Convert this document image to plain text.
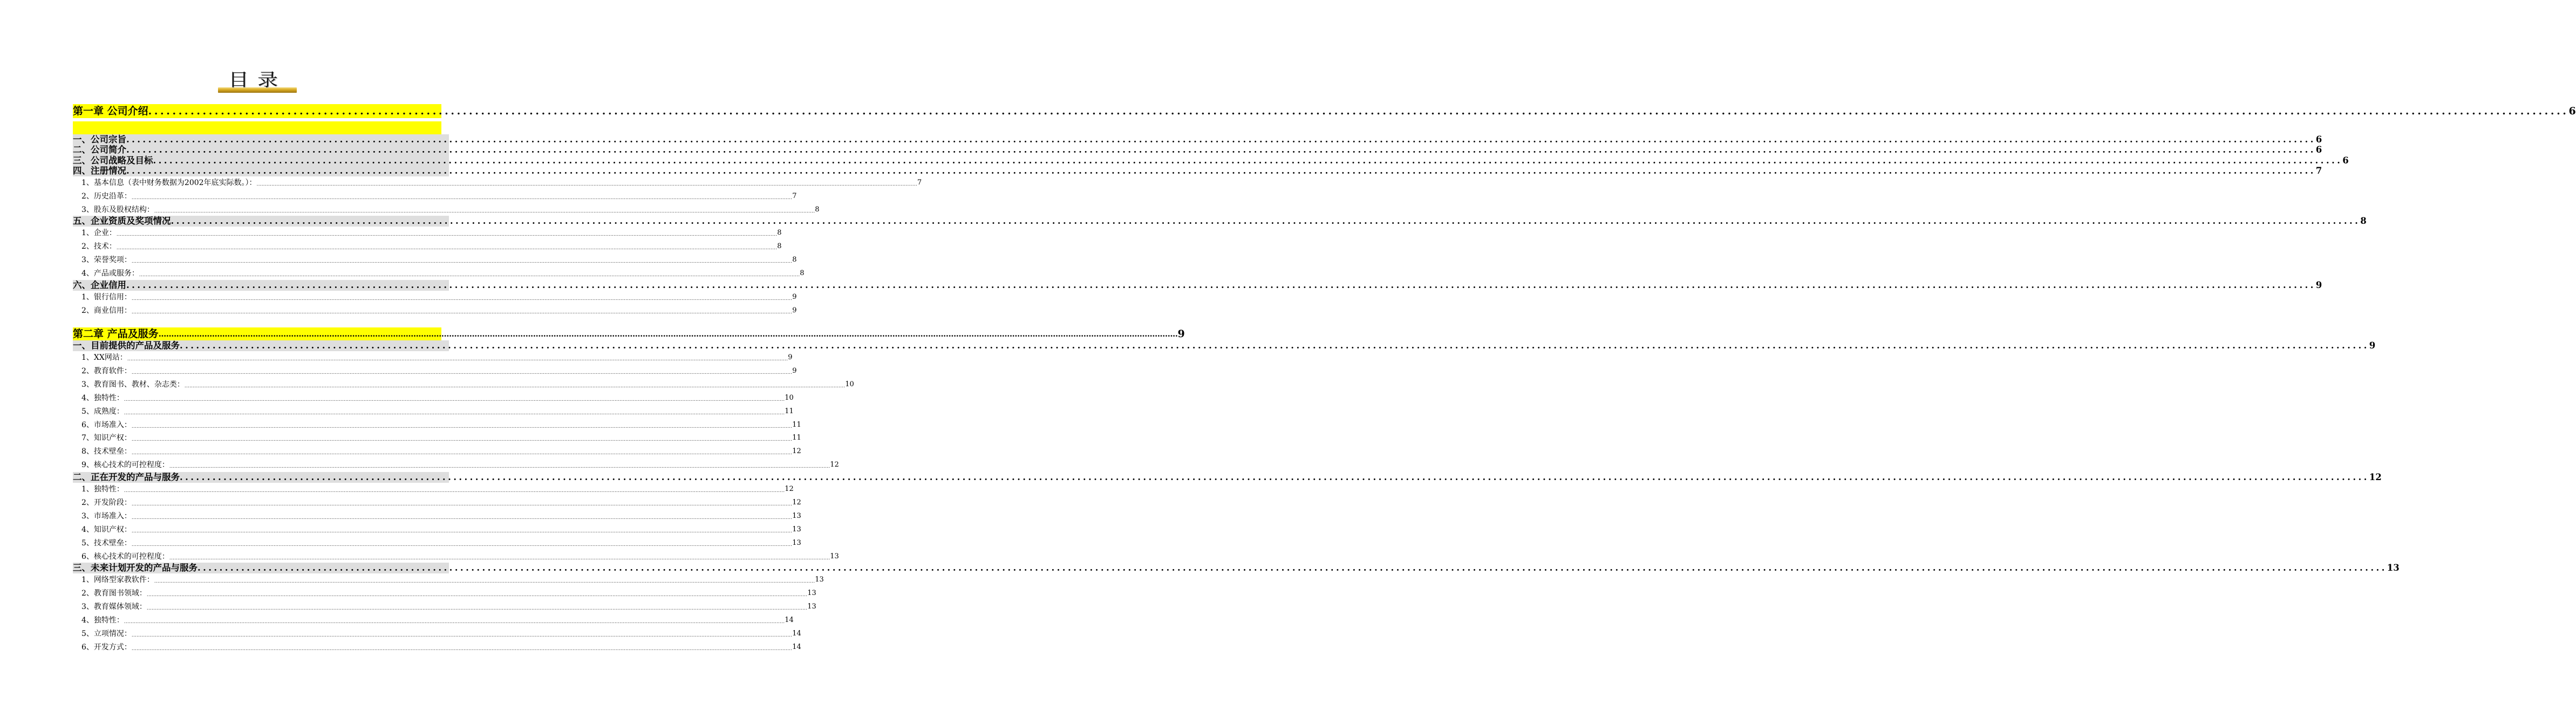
目录
第一章 公司介绍 ................................................................................................................................................................................................................................................................................................................................................................................................................ 6
一、公司宗旨 ................................................................................................................................................................................................................................................................................................................................................................................................................ 6
二、公司简介 ................................................................................................................................................................................................................................................................................................................................................................................................................ 6
三、公司战略及目标 ................................................................................................................................................................................................................................................................................................................................................................................................................ 6
四、注册情况 ................................................................................................................................................................................................................................................................................................................................................................................................................ 7
1、基本信息（表中财务数据为2002年底实际数。）： ................................................................................................................................................................................................................................................................................................................................................................................................................ 7
2、历史沿革： ................................................................................................................................................................................................................................................................................................................................................................................................................ 7
3、股东及股权结构： ................................................................................................................................................................................................................................................................................................................................................................................................................ 8
五、企业资质及奖项情况 ................................................................................................................................................................................................................................................................................................................................................................................................................ 8
1、企业： ................................................................................................................................................................................................................................................................................................................................................................................................................ 8
2、技术： ................................................................................................................................................................................................................................................................................................................................................................................................................ 8
3、荣誉奖项： ................................................................................................................................................................................................................................................................................................................................................................................................................ 8
4、产品或服务： ................................................................................................................................................................................................................................................................................................................................................................................................................ 8
六、企业信用 ................................................................................................................................................................................................................................................................................................................................................................................................................ 9
1、银行信用： ................................................................................................................................................................................................................................................................................................................................................................................................................ 9
2、商业信用： ................................................................................................................................................................................................................................................................................................................................................................................................................ 9
第二章 产品及服务 ................................................................................................................................................................................................................................................................................................................................................................................................................ 9
一、目前提供的产品及服务 ................................................................................................................................................................................................................................................................................................................................................................................................................ 9
1、XX网站： ................................................................................................................................................................................................................................................................................................................................................................................................................ 9
2、教育软件： ................................................................................................................................................................................................................................................................................................................................................................................................................ 9
3、教育图书、教材、杂志类： ................................................................................................................................................................................................................................................................................................................................................................................................................ 10
4、独特性： ................................................................................................................................................................................................................................................................................................................................................................................................................ 10
5、成熟度： ................................................................................................................................................................................................................................................................................................................................................................................................................ 11
6、市场准入： ................................................................................................................................................................................................................................................................................................................................................................................................................ 11
7、知识产权： ................................................................................................................................................................................................................................................................................................................................................................................................................ 11
8、技术壁垒： ................................................................................................................................................................................................................................................................................................................................................................................................................ 12
9、核心技术的可控程度： ................................................................................................................................................................................................................................................................................................................................................................................................................ 12
二、正在开发的产品与服务 ................................................................................................................................................................................................................................................................................................................................................................................................................ 12
1、独特性： ................................................................................................................................................................................................................................................................................................................................................................................................................ 12
2、开发阶段： ................................................................................................................................................................................................................................................................................................................................................................................................................ 12
3、市场准入： ................................................................................................................................................................................................................................................................................................................................................................................................................ 13
4、知识产权： ................................................................................................................................................................................................................................................................................................................................................................................................................ 13
5、技术壁垒： ................................................................................................................................................................................................................................................................................................................................................................................................................ 13
6、核心技术的可控程度： ................................................................................................................................................................................................................................................................................................................................................................................................................ 13
三、未来计划开发的产品与服务 ................................................................................................................................................................................................................................................................................................................................................................................................................ 13
1、网络型家教软件： ................................................................................................................................................................................................................................................................................................................................................................................................................ 13
2、教育图书领域： ................................................................................................................................................................................................................................................................................................................................................................................................................ 13
3、教育媒体领域： ................................................................................................................................................................................................................................................................................................................................................................................................................ 13
4、独特性： ................................................................................................................................................................................................................................................................................................................................................................................................................ 14
5、立项情况： ................................................................................................................................................................................................................................................................................................................................................................................................................ 14
6、开发方式： ................................................................................................................................................................................................................................................................................................................................................................................................................ 14
